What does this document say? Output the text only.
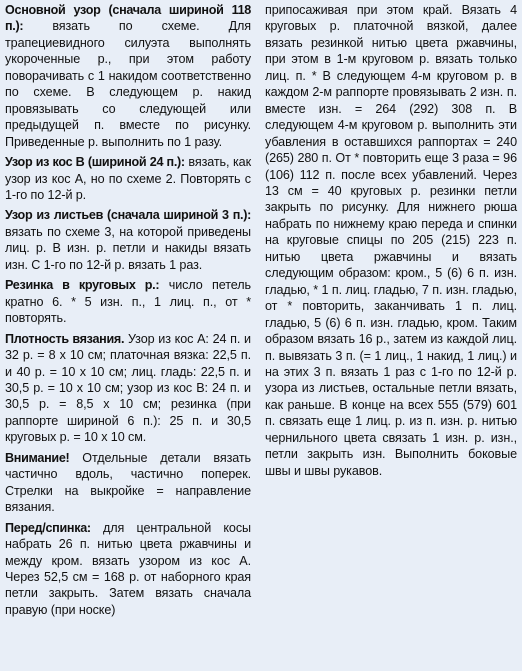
Основной узор (сначала шириной 118 п.): вязать по схеме. Для трапециевидного силуэта выполнять укороченные р., при этом работу поворачивать с 1 накидом соответственно по схеме. В следующем р. накид провязывать со следующей или предыдущей п. вместе по рисунку. Приведенные р. выполнить по 1 разу.

Узор из кос В (шириной 24 п.): вязать, как узор из кос А, но по схеме 2. Повторять с 1-го по 12-й р.

Узор из листьев (сначала шириной 3 п.): вязать по схеме 3, на которой приведены лиц. р. В изн. р. петли и накиды вязать изн. С 1-го по 12-й р. вязать 1 раз.

Резинка в круговых р.: число петель кратно 6. * 5 изн. п., 1 лиц. п., от * повторять.

Плотность вязания. Узор из кос А: 24 п. и 32 р. = 8 х 10 см; платочная вязка: 22,5 п. и 40 р. = 10 х 10 см; лиц. гладь: 22,5 п. и 30,5 р. = 10 х 10 см; узор из кос В: 24 п. и 30,5 р. = 8,5 х 10 см; резинка (при раппорте шириной 6 п.): 25 п. и 30,5 круговых р. = 10 х 10 см.

Внимание! Отдельные детали вязать частично вдоль, частично поперек. Стрелки на выкройке = направление вязания.

Перед/спинка: для центральной косы набрать 26 п. нитью цвета ржавчины и между кром. вязать узором из кос А. Через 52,5 см = 168 р. от наборного края петли закрыть. Затем вязать сначала правую (при носке)

припосаживая при этом край. Вязать 4 круговых р. платочной вязкой, далее вязать резинкой нитью цвета ржавчины, при этом в 1-м круговом р. вязать только лиц. п. * В следующем 4-м круговом р. в каждом 2-м раппорте провязывать 2 изн. п. вместе изн. = 264 (292) 308 п. В следующем 4-м круговом р. выполнить эти убавления в оставшихся раппортах = 240 (265) 280 п. От * повторить еще 3 раза = 96 (106) 112 п. после всех убавлений. Через 13 см = 40 круговых р. резинки петли закрыть по рисунку. Для нижнего рюша набрать по нижнему краю переда и спинки на круговые спицы по 205 (215) 223 п. нитью цвета ржавчины и вязать следующим образом: кром., 5 (6) 6 п. изн. гладью, * 1 п. лиц. гладью, 7 п. изн. гладью, от * повторить, заканчивать 1 п. лиц. гладью, 5 (6) 6 п. изн. гладью, кром. Таким образом вязать 16 р., затем из каждой лиц. п. вывязать 3 п. (= 1 лиц., 1 накид, 1 лиц.) и на этих 3 п. вязать 1 раз с 1-го по 12-й р. узора из листьев, остальные петли вязать, как раньше. В конце на всех 555 (579) 601 п. связать еще 1 лиц. р. из п. изн. р. нитью чернильного цвета связать 1 изн. р. изн., петли закрыть изн. Выполнить боковые швы и швы рукавов.
